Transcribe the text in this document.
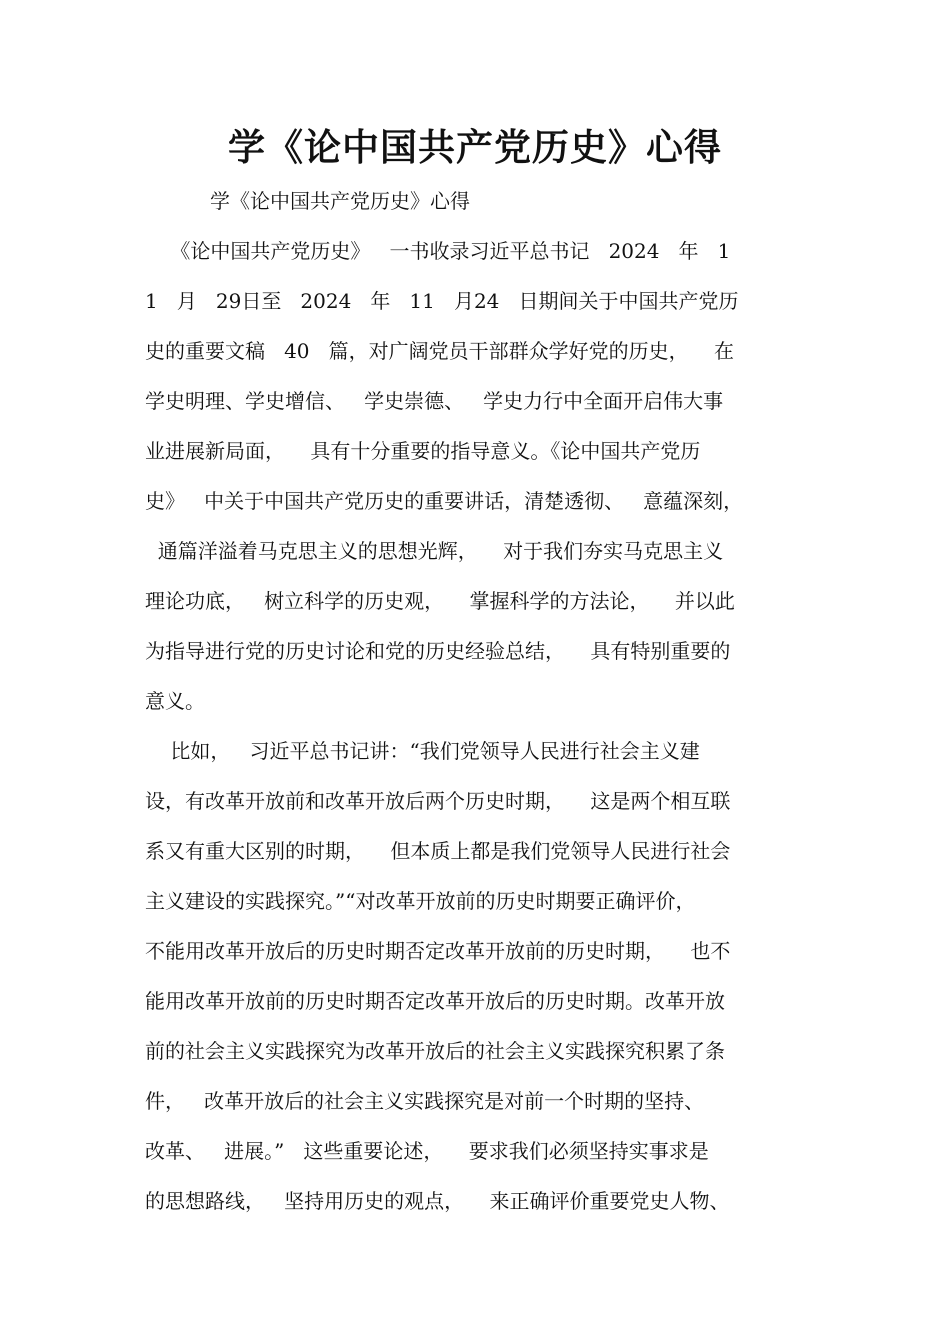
学《论中国共产党历史》心得

学《论中国共产党历史》心得

《论中国共产党历史》   一书收录习近平总书记   2024   年   1

1   月   29日至   2024   年   11   月24   日期间关于中国共产党历

史的重要文稿   40   篇，对广阔党员干部群众学好党的历史，    在

学史明理、学史增信、   学史崇德、   学史力行中全面开启伟大事

业进展新局面，    具有十分重要的指导意义。《论中国共产党历

史》   中关于中国共产党历史的重要讲话，清楚透彻、   意蕴深刻，

通篇洋溢着马克思主义的思想光辉，    对于我们夯实马克思主义

理论功底，   树立科学的历史观，    掌握科学的方法论，    并以此

为指导进行党的历史讨论和党的历史经验总结，    具有特别重要的

意义。

比如，   习近平总书记讲：“我们党领导人民进行社会主义建

设，有改革开放前和改革开放后两个历史时期，    这是两个相互联

系又有重大区别的时期，    但本质上都是我们党领导人民进行社会

主义建设的实践探究。”“对改革开放前的历史时期要正确评价，

不能用改革开放后的历史时期否定改革开放前的历史时期，    也不

能用改革开放前的历史时期否定改革开放后的历史时期。改革开放

前的社会主义实践探究为改革开放后的社会主义实践探究积累了条

件，   改革开放后的社会主义实践探究是对前一个时期的坚持、

改革、   进展。”   这些重要论述，    要求我们必须坚持实事求是

的思想路线，   坚持用历史的观点，    来正确评价重要党史人物、
